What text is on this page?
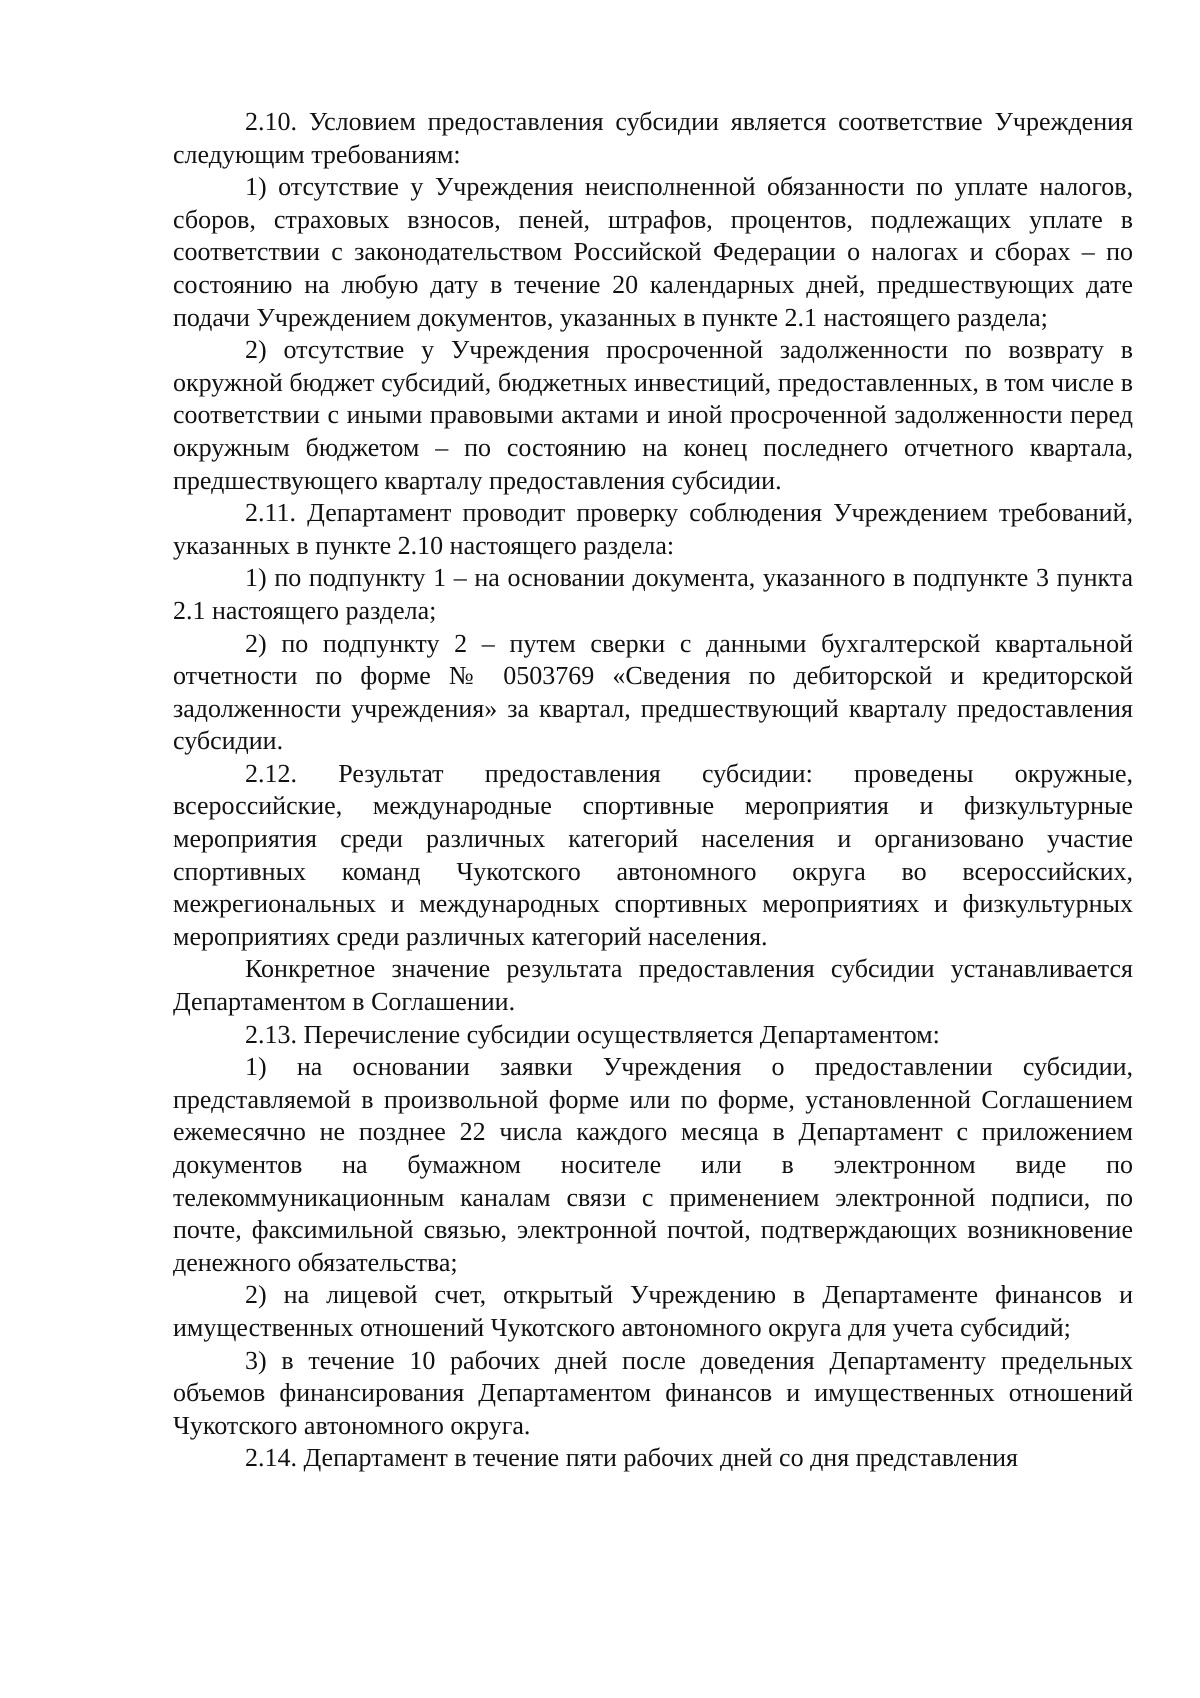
2.10. Условием предоставления субсидии является соответствие Учреждения следующим требованиям:

1) отсутствие у Учреждения неисполненной обязанности по уплате налогов, сборов, страховых взносов, пеней, штрафов, процентов, подлежащих уплате в соответствии с законодательством Российской Федерации о налогах и сборах – по состоянию на любую дату в течение 20 календарных дней, предшествующих дате подачи Учреждением документов, указанных в пункте 2.1 настоящего раздела;

2) отсутствие у Учреждения просроченной задолженности по возврату в окружной бюджет субсидий, бюджетных инвестиций, предоставленных, в том числе в соответствии с иными правовыми актами и иной просроченной задолженности перед окружным бюджетом – по состоянию на конец последнего отчетного квартала, предшествующего кварталу предоставления субсидии.

2.11. Департамент проводит проверку соблюдения Учреждением требований, указанных в пункте 2.10 настоящего раздела:

1) по подпункту 1 – на основании документа, указанного в подпункте 3 пункта 2.1 настоящего раздела;

2) по подпункту 2 – путем сверки с данными бухгалтерской квартальной отчетности по форме № 0503769 «Сведения по дебиторской и кредиторской задолженности учреждения» за квартал, предшествующий кварталу предоставления субсидии.

2.12. Результат предоставления субсидии: проведены окружные, всероссийские, международные спортивные мероприятия и физкультурные мероприятия среди различных категорий населения и организовано участие спортивных команд Чукотского автономного округа во всероссийских, межрегиональных и международных спортивных мероприятиях и физкультурных мероприятиях среди различных категорий населения.

Конкретное значение результата предоставления субсидии устанавливается Департаментом в Соглашении.

2.13. Перечисление субсидии осуществляется Департаментом:

1) на основании заявки Учреждения о предоставлении субсидии, представляемой в произвольной форме или по форме, установленной Соглашением ежемесячно не позднее 22 числа каждого месяца в Департамент с приложением документов на бумажном носителе или в электронном виде по телекоммуникационным каналам связи с применением электронной подписи, по почте, факсимильной связью, электронной почтой, подтверждающих возникновение денежного обязательства;

2) на лицевой счет, открытый Учреждению в Департаменте финансов и имущественных отношений Чукотского автономного округа для учета субсидий;

3) в течение 10 рабочих дней после доведения Департаменту предельных объемов финансирования Департаментом финансов и имущественных отношений Чукотского автономного округа.

2.14. Департамент в течение пяти рабочих дней со дня представления
